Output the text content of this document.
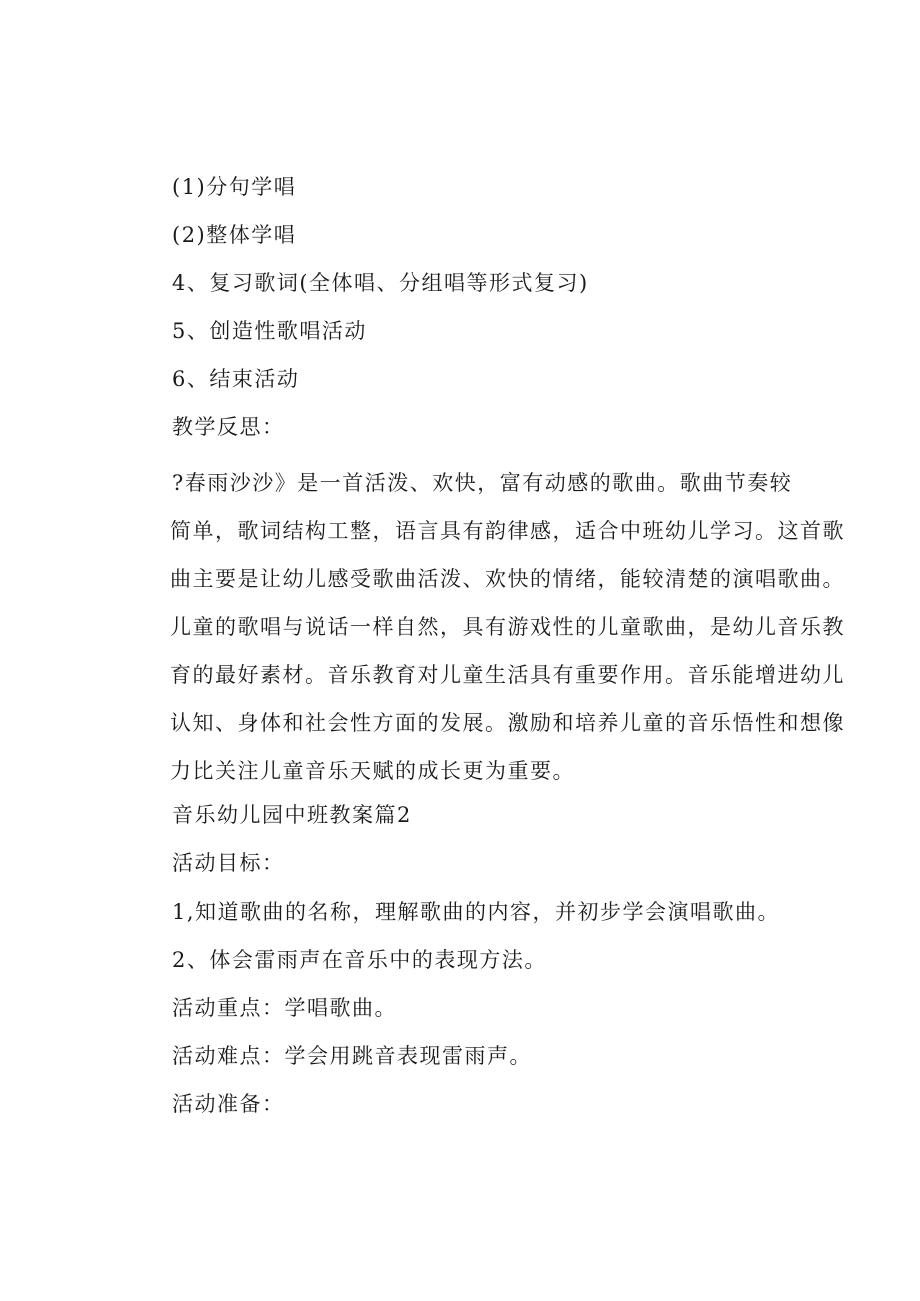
(1)分句学唱
(2)整体学唱
4、复习歌词(全体唱、分组唱等形式复习)
5、创造性歌唱活动
6、结束活动
教学反思：
?春雨沙沙》是一首活泼、欢快，富有动感的歌曲。歌曲节奏较
简单，歌词结构工整，语言具有韵律感，适合中班幼儿学习。这首歌
曲主要是让幼儿感受歌曲活泼、欢快的情绪，能较清楚的演唱歌曲。
儿童的歌唱与说话一样自然，具有游戏性的儿童歌曲，是幼儿音乐教
育的最好素材。音乐教育对儿童生活具有重要作用。音乐能增进幼儿
认知、身体和社会性方面的发展。激励和培养儿童的音乐悟性和想像
力比关注儿童音乐天赋的成长更为重要。
音乐幼儿园中班教案篇2
活动目标：
1,知道歌曲的名称，理解歌曲的内容，并初步学会演唱歌曲。
2、体会雷雨声在音乐中的表现方法。
活动重点：学唱歌曲。
活动难点：学会用跳音表现雷雨声。
活动准备：
